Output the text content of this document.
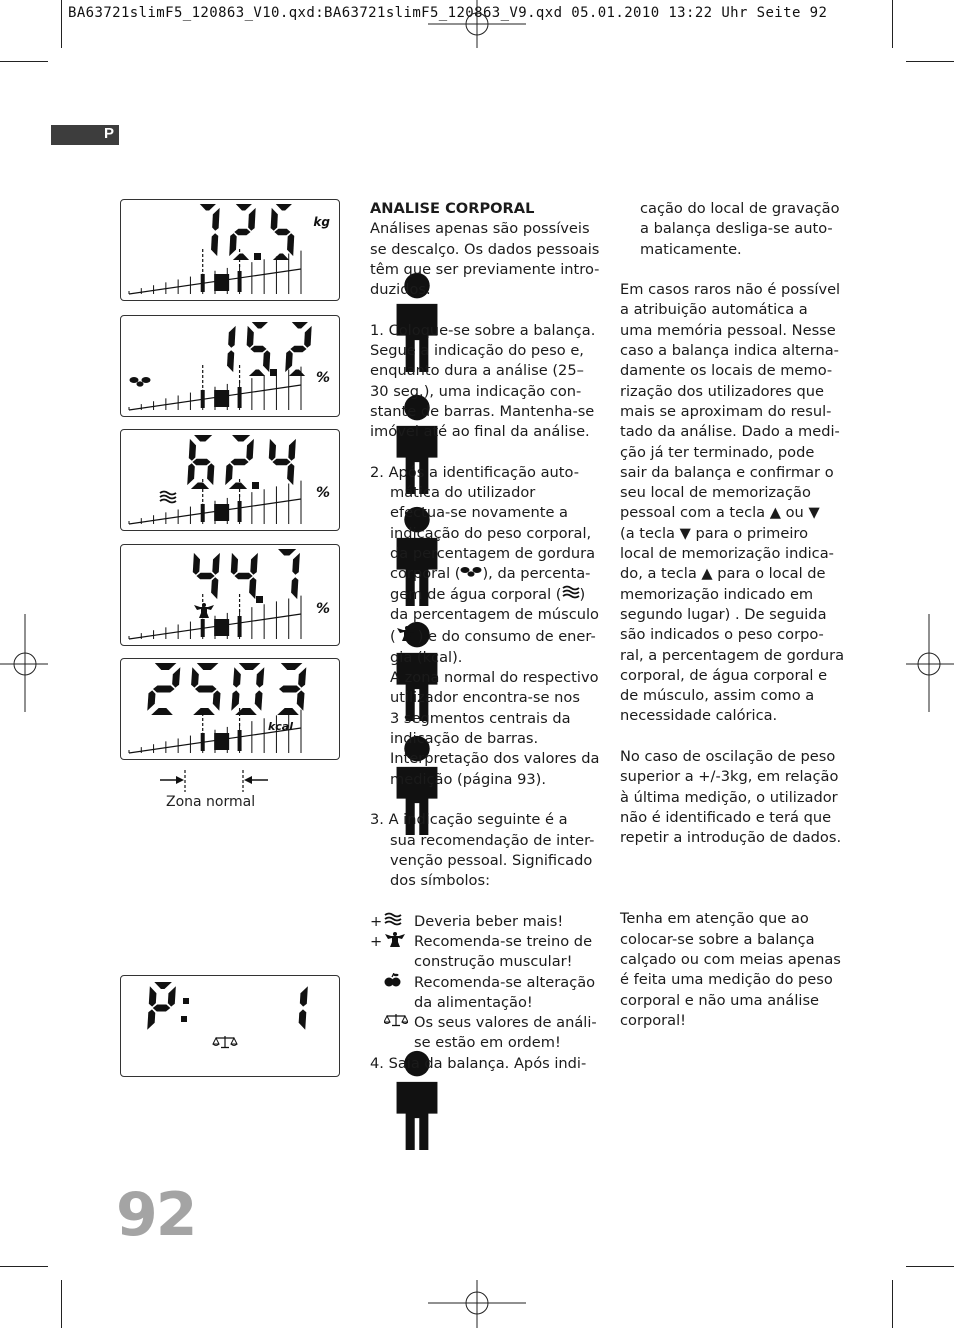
BA63721slimF5_120863_V10.qxd:BA63721slimF5_120863_V9.qxd 05.01.2010 13:22 Uhr Seite 92
P
kg
%
%
%
kcal
Zona normal

ANALISE CORPORAL

Análises apenas são possíveis

se descalço. Os dados pessoais

têm que ser previamente intro-

duzidos.

1. Coloque-se sobre a balança.

Segue a indicação do peso e,

enquanto dura a análise (25–

30 seg.), uma indicação con-

stante de barras. Mantenha-se

imóvel até ao final da análise.

2. Após a identificação auto-

mática do utilizador

efectua-se novamente a

indicação do peso corporal,

da percentagem de gordura

corporal ( ), da percenta-

gem de água corporal ( )

da percentagem de músculo

( ) e do consumo de ener-

gia (kcal).

A zona normal do respectivo

utilizador encontra-se nos

3 segmentos centrais da

indicação de barras.

Interpretação dos valores da

medição (página 93).

3. A indicação seguinte é a

sua recomendação de inter-

venção pessoal. Significado

dos símbolos:

+	Deveria beber mais!
+	Recomenda-se treino de
construção muscular!
Recomenda-se alteração
da alimentação!
Os seus valores de análi-
se estão em ordem!

4. Saia da balança. Após indi-

cação do local de gravação

a balança desliga-se auto-

maticamente.

Em casos raros não é possível

a atribuição automática a

uma memória pessoal. Nesse

caso a balança indica alterna-

damente os locais de memo-

rização dos utilizadores que

mais se aproximam do resul-

tado da análise. Dado a medi-

ção já ter terminado, pode

sair da balança e confirmar o

seu local de memorização

pessoal com a tecla ▲ ou ▼

(a tecla ▼ para o primeiro

local de memorização indica-

do, a tecla ▲ para o local de

memorização indicado em

segundo lugar) . De seguida

são indicados o peso corpo-

ral, a percentagem de gordura

corporal, de água corporal e

de músculo, assim como a

necessidade calórica.

No caso de oscilação de peso

superior a +/-3kg, em relação

à última medição, o utilizador

não é identificado e terá que

repetir a introdução de dados.

Tenha em atenção que ao

colocar-se sobre a balança

calçado ou com meias apenas

é feita uma medição do peso

corporal e não uma análise

corporal!

92
